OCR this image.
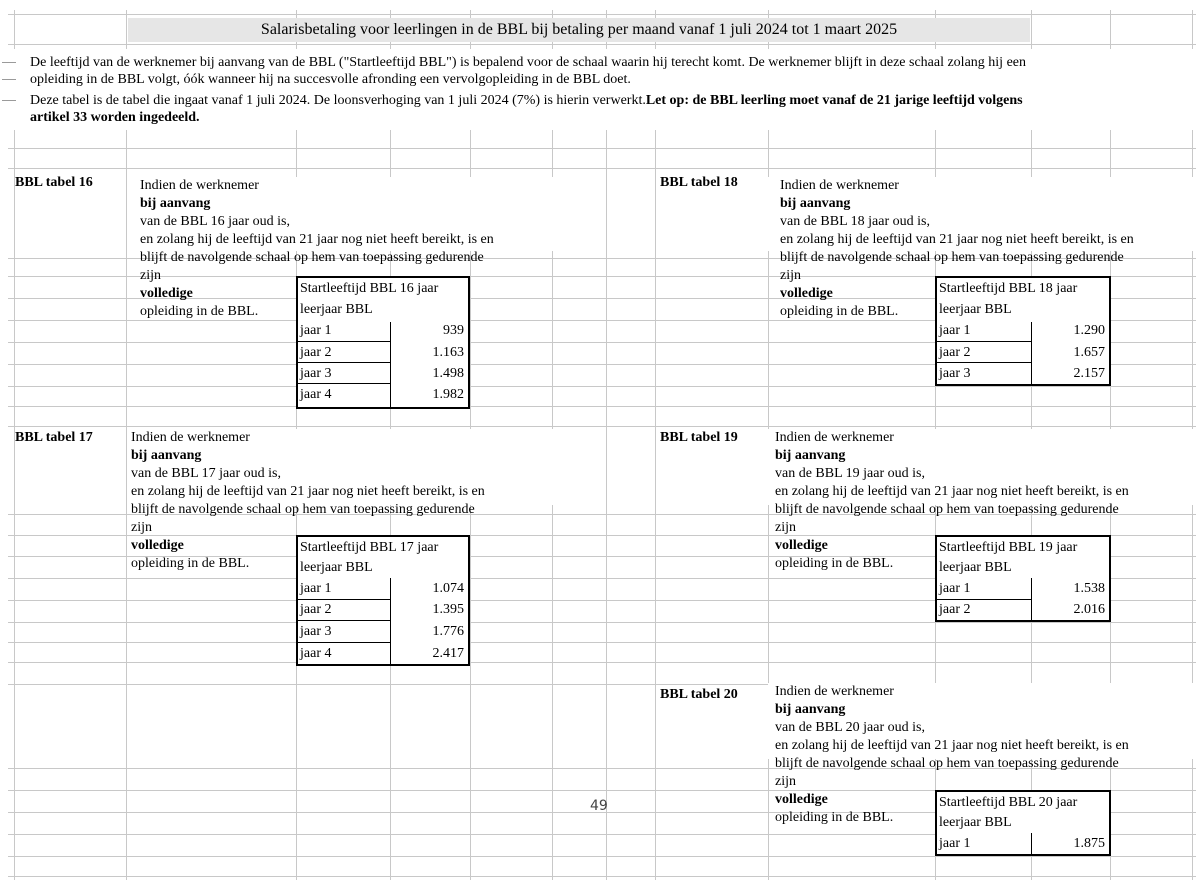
Salarisbetaling voor leerlingen in de BBL bij betaling per maand vanaf 1 juli 2024 tot 1 maart 2025
De leeftijd van de werknemer bij aanvang van de BBL ("Startleeftijd BBL") is bepalend voor de schaal waarin hij terecht komt. De werknemer blijft in deze schaal zolang hij een
opleiding in de BBL volgt, óók wanneer hij na succesvolle afronding een vervolgopleiding in de BBL doet.
Deze tabel is de tabel die ingaat vanaf 1 juli 2024. De loonsverhoging van 1 juli 2024 (7%) is hierin verwerkt.Let op: de BBL leerling moet vanaf de 21 jarige leeftijd volgens
artikel 33 worden ingedeeld.
BBL tabel 16	Indien de werknemer
bij aanvang
van de BBL 16 jaar oud is,
en zolang hij de leeftijd van 21 jaar nog niet heeft bereikt, is en
blijft de navolgende schaal op hem van toepassing gedurende
zijn
volledige
opleiding in de BBL.
Startleeftijd BBL 16 jaar
leerjaar BBL
jaar 1	939
jaar 2	1.163
jaar 3	1.498
jaar 4	1.982
BBL tabel 17	Indien de werknemer
bij aanvang
van de BBL 17 jaar oud is,
en zolang hij de leeftijd van 21 jaar nog niet heeft bereikt, is en
blijft de navolgende schaal op hem van toepassing gedurende
zijn
volledige
opleiding in de BBL.
Startleeftijd BBL 17 jaar
leerjaar BBL
jaar 1	1.074
jaar 2	1.395
jaar 3	1.776
jaar 4	2.417
BBL tabel 18	Indien de werknemer
bij aanvang
van de BBL 18 jaar oud is,
en zolang hij de leeftijd van 21 jaar nog niet heeft bereikt, is en
blijft de navolgende schaal op hem van toepassing gedurende
zijn
volledige
opleiding in de BBL.
Startleeftijd BBL 18 jaar
leerjaar BBL
jaar 1	1.290
jaar 2	1.657
jaar 3	2.157
BBL tabel 19	Indien de werknemer
bij aanvang
van de BBL 19 jaar oud is,
en zolang hij de leeftijd van 21 jaar nog niet heeft bereikt, is en
blijft de navolgende schaal op hem van toepassing gedurende
zijn
volledige
opleiding in de BBL.
Startleeftijd BBL 19 jaar
leerjaar BBL
jaar 1	1.538
jaar 2	2.016
BBL tabel 20	Indien de werknemer
bij aanvang
van de BBL 20 jaar oud is,
en zolang hij de leeftijd van 21 jaar nog niet heeft bereikt, is en
blijft de navolgende schaal op hem van toepassing gedurende
zijn
volledige
opleiding in de BBL.
Startleeftijd BBL 20 jaar
leerjaar BBL
jaar 1	1.875
49
